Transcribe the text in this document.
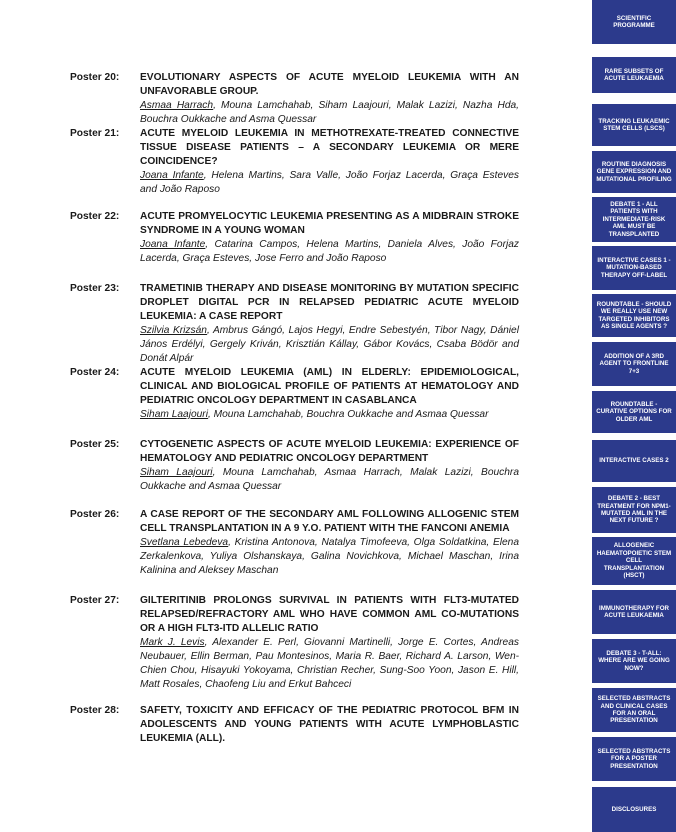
Poster 20: EVOLUTIONARY ASPECTS OF ACUTE MYELOID LEUKEMIA WITH AN UNFAVORABLE GROUP.

Asmaa Harrach, Mouna Lamchahab, Siham Laajouri, Malak Lazizi, Nazha Hda, Bouchra Oukkache and Asma Quessar

Poster 21: ACUTE MYELOID LEUKEMIA IN METHOTREXATE-TREATED CONNECTIVE TISSUE DISEASE PATIENTS – A SECONDARY LEUKEMIA OR MERE COINCIDENCE?

Joana Infante, Helena Martins, Sara Valle, João Forjaz Lacerda, Graça Esteves and João Raposo

Poster 22: ACUTE PROMYELOCYTIC LEUKEMIA PRESENTING AS A MIDBRAIN STROKE SYNDROME IN A YOUNG WOMAN

Joana Infante, Catarina Campos, Helena Martins, Daniela Alves, João Forjaz Lacerda, Graça Esteves, Jose Ferro and João Raposo

Poster 23: TRAMETINIB THERAPY AND DISEASE MONITORING BY MUTATION SPECIFIC DROPLET DIGITAL PCR IN RELAPSED PEDIATRIC ACUTE MYELOID LEUKEMIA: A CASE REPORT

Szilvia Krizsán, Ambrus Gángó, Lajos Hegyi, Endre Sebestyén, Tibor Nagy, Dániel János Erdélyi, Gergely Kriván, Krisztián Kállay, Gábor Kovács, Csaba Bödör and Donát Alpár

Poster 24: ACUTE MYELOID LEUKEMIA (AML) IN ELDERLY: EPIDEMIOLOGICAL, CLINICAL AND BIOLOGICAL PROFILE OF PATIENTS AT HEMATOLOGY AND PEDIATRIC ONCOLOGY DEPARTMENT IN CASABLANCA

Siham Laajouri, Mouna Lamchahab, Bouchra Oukkache and Asmaa Quessar

Poster 25: CYTOGENETIC ASPECTS OF ACUTE MYELOID LEUKEMIA: EXPERIENCE OF HEMATOLOGY AND PEDIATRIC ONCOLOGY DEPARTMENT

Siham Laajouri, Mouna Lamchahab, Asmaa Harrach, Malak Lazizi, Bouchra Oukkache and Asmaa Quessar

Poster 26: A CASE REPORT OF THE SECONDARY AML FOLLOWING ALLOGENIC STEM CELL TRANSPLANTATION IN A 9 Y.O. PATIENT WITH THE FANCONI ANEMIA

Svetlana Lebedeva, Kristina Antonova, Natalya Timofeeva, Olga Soldatkina, Elena Zerkalenkova, Yuliya Olshanskaya, Galina Novichkova, Michael Maschan, Irina Kalinina and Aleksey Maschan

Poster 27: GILTERITINIB PROLONGS SURVIVAL IN PATIENTS WITH FLT3-MUTATED RELAPSED/REFRACTORY AML WHO HAVE COMMON AML CO-MUTATIONS OR A HIGH FLT3-ITD ALLELIC RATIO

Mark J. Levis, Alexander E. Perl, Giovanni Martinelli, Jorge E. Cortes, Andreas Neubauer, Ellin Berman, Pau Montesinos, Maria R. Baer, Richard A. Larson, Wen-Chien Chou, Hisayuki Yokoyama, Christian Recher, Sung-Soo Yoon, Jason E. Hill, Matt Rosales, Chaofeng Liu and Erkut Bahceci

Poster 28: SAFETY, TOXICITY AND EFFICACY OF THE PEDIATRIC PROTOCOL BFM IN ADOLESCENTS AND YOUNG PATIENTS WITH ACUTE LYMPHOBLASTIC LEUKEMIA (ALL).

SCIENTIFIC PROGRAMME
RARE SUBSETS OF ACUTE LEUKAEMIA
TRACKING LEUKAEMIC STEM CELLS (LSCS)
ROUTINE DIAGNOSIS GENE EXPRESSION AND MUTATIONAL PROFILING
DEBATE 1 - ALL PATIENTS WITH INTERMEDIATE-RISK AML MUST BE TRANSPLANTED
INTERACTIVE CASES 1 - MUTATION-BASED THERAPY OFF-LABEL
ROUNDTABLE - SHOULD WE REALLY USE NEW TARGETED INHIBITORS AS SINGLE AGENTS ?
ADDITION OF A 3RD AGENT TO FRONTLINE 7+3
ROUNDTABLE - CURATIVE OPTIONS FOR OLDER AML
INTERACTIVE CASES 2
DEBATE 2 - BEST TREATMENT FOR NPM1-MUTATED AML IN THE NEXT FUTURE ?
ALLOGENEIC HAEMATOPOIETIC STEM CELL TRANSPLANTATION (HSCT)
IMMUNOTHERAPY FOR ACUTE LEUKAEMIA
DEBATE 3 - T-ALL: WHERE ARE WE GOING NOW?
SELECTED ABSTRACTS AND CLINICAL CASES FOR AN ORAL PRESENTATION
SELECTED ABSTRACTS FOR A POSTER PRESENTATION
DISCLOSURES
